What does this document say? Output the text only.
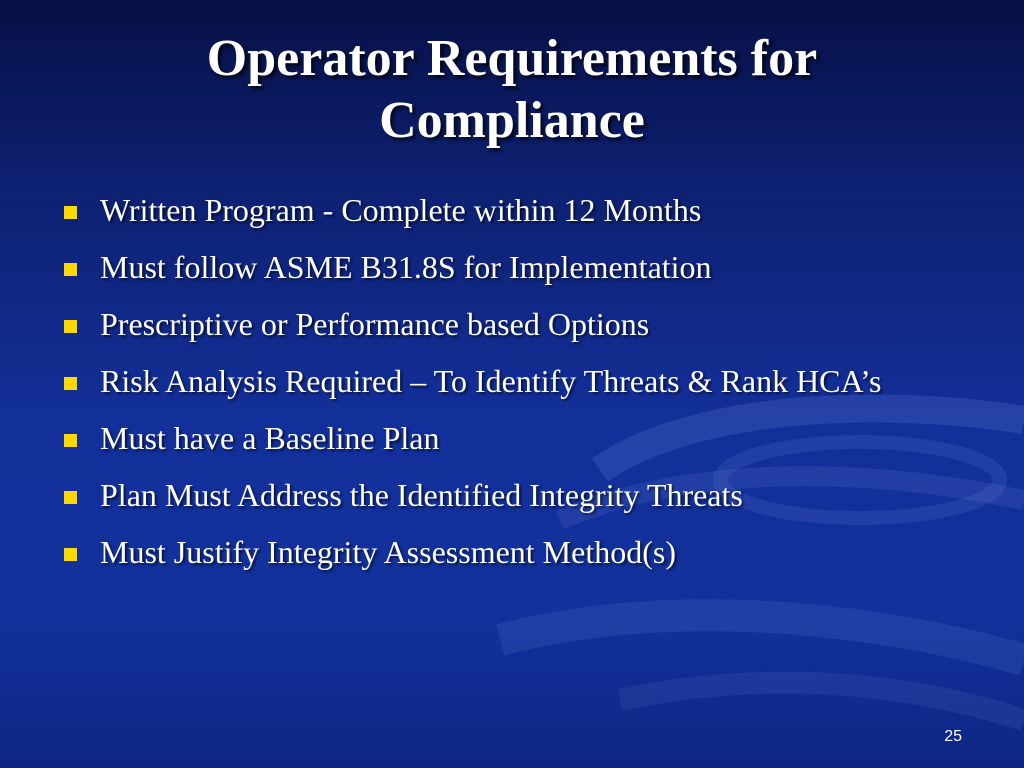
Operator Requirements for Compliance
Written Program - Complete within 12 Months
Must follow ASME B31.8S for Implementation
Prescriptive or Performance based Options
Risk Analysis Required – To Identify Threats & Rank HCA’s
Must have a Baseline Plan
Plan Must Address the Identified Integrity Threats
Must Justify Integrity Assessment Method(s)
25
